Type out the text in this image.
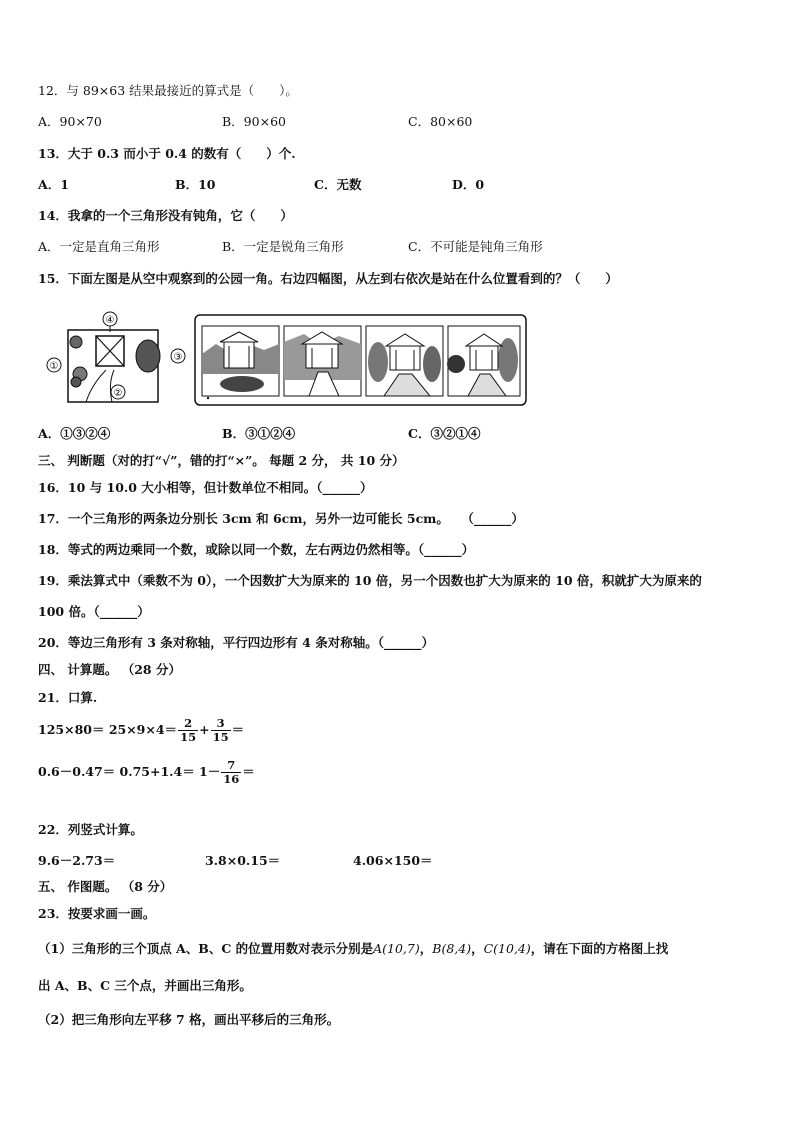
12．与 89×63 结果最接近的算式是（　　）。
A．90×70	B．90×60	C．80×60
13．大于 0.3 而小于 0.4 的数有（　　）个.
A．1	B．10	C．无数	D．0
14．我拿的一个三角形没有钝角，它（　　）
A．一定是直角三角形	B．一定是锐角三角形	C．不可能是钝角三角形
15．下面左图是从空中观察到的公园一角。右边四幅图，从左到右依次是站在什么位置看到的？（　　）
①
②
③
④
A．①③②④	B．③①②④	C．③②①④
三、 判断题（对的打“√”，错的打“×”。 每题 2 分， 共 10 分）
16．10 与 10.0 大小相等，但计数单位不相同。（______）
17．一个三角形的两条边分别长 3cm 和 6cm，另外一边可能长 5cm。　　（______）
18．等式的两边乘同一个数，或除以同一个数，左右两边仍然相等。（______）
19．乘法算式中（乘数不为 0），一个因数扩大为原来的 10 倍，另一个因数也扩大为原来的 10 倍，积就扩大为原来的
100 倍。（______）
20．等边三角形有 3 条对称轴，平行四边形有 4 条对称轴。（______）
四、 计算题。 （28 分）
21．口算.
$125\times 80= 25\times 9\times 4= \frac{2}{15} + \frac{3}{15}$ ＝
$0.6-0.47= 0.75+1.4= 1- \frac{7}{16}$ ＝
22．列竖式计算。
9.6－2.73＝	3.8×0.15＝	4.06×150＝
五、 作图题。 （8 分）
23．按要求画一画。
（1）三角形的三个顶点 A、B、C 的位置用数对表示分别是A(10,7)，B(8,4)，C(10,4)，请在下面的方格图上找
出 A、B、C 三个点，并画出三角形。
（2）把三角形向左平移 7 格，画出平移后的三角形。
